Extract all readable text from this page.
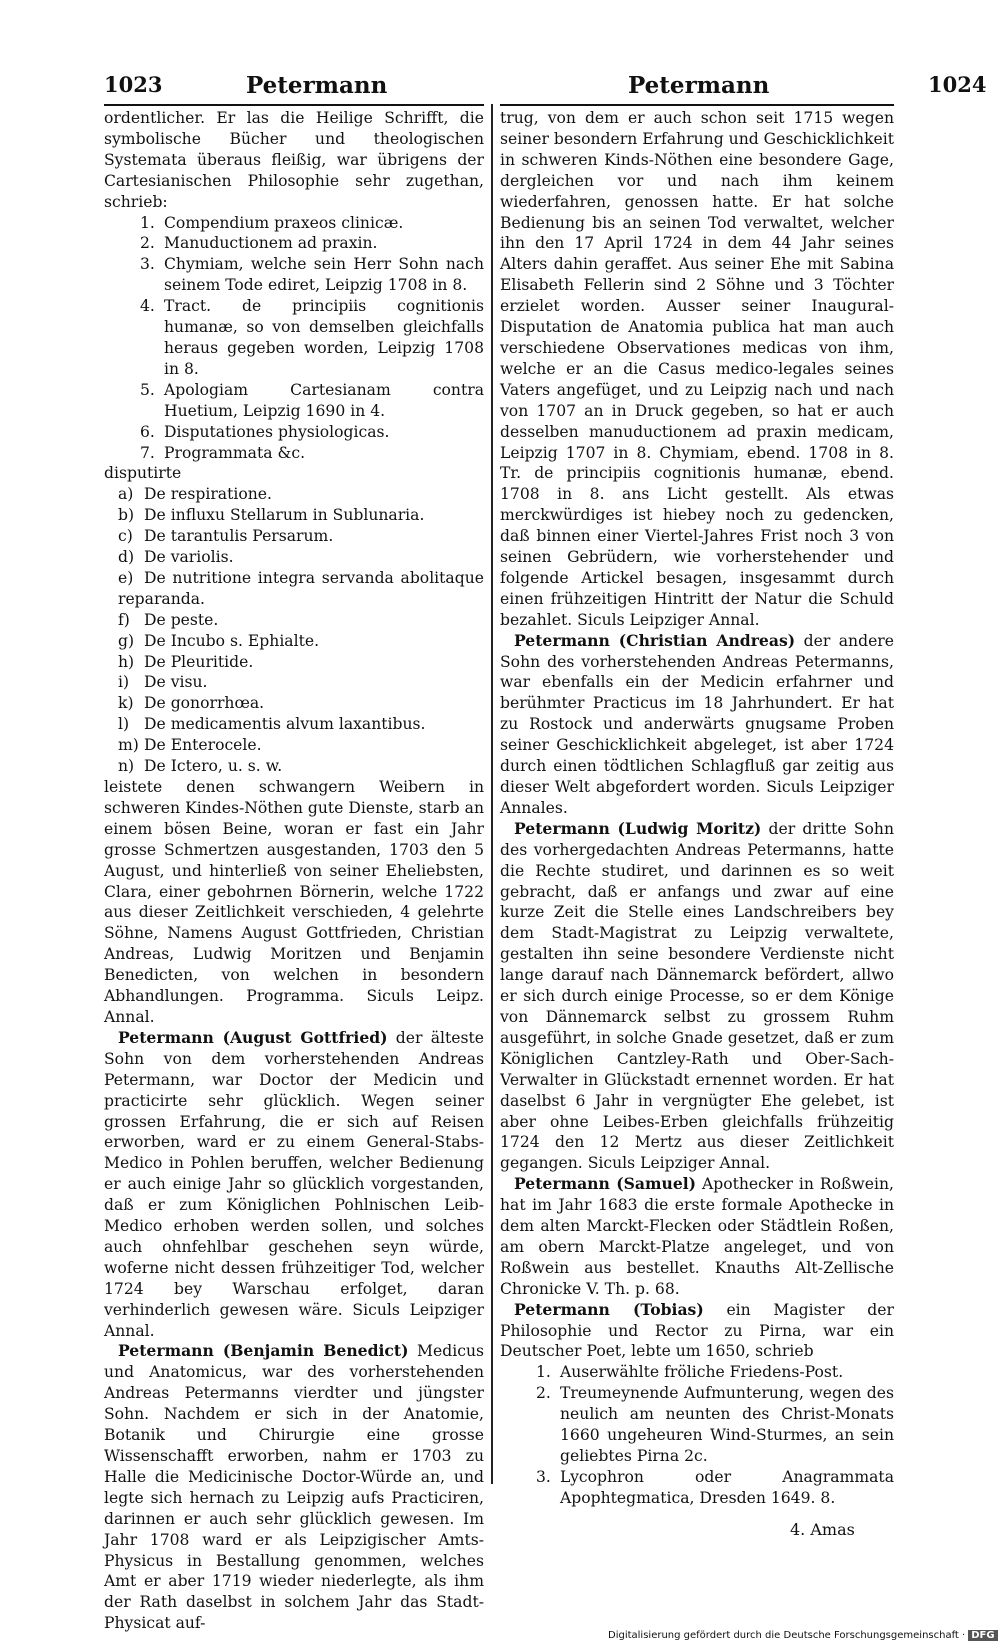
1023	Petermann	Petermann	1024

ordentlicher. Er las die Heilige Schrifft, die symbolische Bücher und theologischen Systemata überaus fleißig, war übrigens der Cartesianischen Philosophie sehr zugethan, schrieb:

1. Compendium praxeos clinicæ.
2. Manuductionem ad praxin.
3. Chymiam, welche sein Herr Sohn nach seinem Tode ediret, Leipzig 1708 in 8.
4. Tract. de principiis cognitionis humanæ, so von demselben gleichfalls heraus gegeben worden, Leipzig 1708 in 8.
5. Apologiam Cartesianam contra Huetium, Leipzig 1690 in 4.
6. Disputationes physiologicas.
7. Programmata &c.

disputirte

a) De respiratione.
b) De influxu Stellarum in Sublunaria.
c) De tarantulis Persarum.
d) De variolis.
e) De nutritione integra servanda abolitaque reparanda.
f) De peste.
g) De Incubo s. Ephialte.
h) De Pleuritide.
i) De visu.
k) De gonorrhœa.
l) De medicamentis alvum laxantibus.
m) De Enterocele.
n) De Ictero, u. s. w.

leistete denen schwangern Weibern in schweren Kindes-Nöthen gute Dienste, starb an einem bösen Beine, woran er fast ein Jahr grosse Schmertzen ausgestanden, 1703 den 5 August, und hinterließ von seiner Eheliebsten, Clara, einer gebohrnen Börnerin, welche 1722 aus dieser Zeitlichkeit verschieden, 4 gelehrte Söhne, Namens August Gottfrieden, Christian Andreas, Ludwig Moritzen und Benjamin Benedicten, von welchen in besondern Abhandlungen. Programma. Siculs Leipz. Annal.

Petermann (August Gottfried) der älteste Sohn von dem vorherstehenden Andreas Petermann, war Doctor der Medicin und practicirte sehr glücklich. Wegen seiner grossen Erfahrung, die er sich auf Reisen erworben, ward er zu einem General-Stabs-Medico in Pohlen beruffen, welcher Bedienung er auch einige Jahr so glücklich vorgestanden, daß er zum Königlichen Pohlnischen Leib-Medico erhoben werden sollen, und solches auch ohnfehlbar geschehen seyn würde, woferne nicht dessen frühzeitiger Tod, welcher 1724 bey Warschau erfolget, daran verhinderlich gewesen wäre. Siculs Leipziger Annal.

Petermann (Benjamin Benedict) Medicus und Anatomicus, war des vorherstehenden Andreas Petermanns vierdter und jüngster Sohn. Nachdem er sich in der Anatomie, Botanik und Chirurgie eine grosse Wissenschafft erworben, nahm er 1703 zu Halle die Medicinische Doctor-Würde an, und legte sich hernach zu Leipzig aufs Practiciren, darinnen er auch sehr glücklich gewesen. Im Jahr 1708 ward er als Leipzigischer Amts-Physicus in Bestallung genommen, welches Amt er aber 1719 wieder niederlegte, als ihm der Rath daselbst in solchem Jahr das Stadt-Physicat auf-

trug, von dem er auch schon seit 1715 wegen seiner besondern Erfahrung und Geschicklichkeit in schweren Kinds-Nöthen eine besondere Gage, dergleichen vor und nach ihm keinem wiederfahren, genossen hatte. Er hat solche Bedienung bis an seinen Tod verwaltet, welcher ihn den 17 April 1724 in dem 44 Jahr seines Alters dahin geraffet. Aus seiner Ehe mit Sabina Elisabeth Fellerin sind 2 Söhne und 3 Töchter erzielet worden. Ausser seiner Inaugural-Disputation de Anatomia publica hat man auch verschiedene Observationes medicas von ihm, welche er an die Casus medico-legales seines Vaters angefüget, und zu Leipzig nach und nach von 1707 an in Druck gegeben, so hat er auch desselben manuductionem ad praxin medicam, Leipzig 1707 in 8. Chymiam, ebend. 1708 in 8. Tr. de principiis cognitionis humanæ, ebend. 1708 in 8. ans Licht gestellt. Als etwas merckwürdiges ist hiebey noch zu gedencken, daß binnen einer Viertel-Jahres Frist noch 3 von seinen Gebrüdern, wie vorherstehender und folgende Artickel besagen, insgesammt durch einen frühzeitigen Hintritt der Natur die Schuld bezahlet. Siculs Leipziger Annal.

Petermann (Christian Andreas) der andere Sohn des vorherstehenden Andreas Petermanns, war ebenfalls ein der Medicin erfahrner und berühmter Practicus im 18 Jahrhundert. Er hat zu Rostock und anderwärts gnugsame Proben seiner Geschicklichkeit abgeleget, ist aber 1724 durch einen tödtlichen Schlagfluß gar zeitig aus dieser Welt abgefordert worden. Siculs Leipziger Annales.

Petermann (Ludwig Moritz) der dritte Sohn des vorhergedachten Andreas Petermanns, hatte die Rechte studiret, und darinnen es so weit gebracht, daß er anfangs und zwar auf eine kurze Zeit die Stelle eines Landschreibers bey dem Stadt-Magistrat zu Leipzig verwaltete, gestalten ihn seine besondere Verdienste nicht lange darauf nach Dännemarck befördert, allwo er sich durch einige Processe, so er dem Könige von Dännemarck selbst zu grossem Ruhm ausgeführt, in solche Gnade gesetzet, daß er zum Königlichen Cantzley-Rath und Ober-Sach-Verwalter in Glückstadt ernennet worden. Er hat daselbst 6 Jahr in vergnügter Ehe gelebet, ist aber ohne Leibes-Erben gleichfalls frühzeitig 1724 den 12 Mertz aus dieser Zeitlichkeit gegangen. Siculs Leipziger Annal.

Petermann (Samuel) Apothecker in Roßwein, hat im Jahr 1683 die erste formale Apothecke in dem alten Marckt-Flecken oder Städtlein Roßen, am obern Marckt-Platze angeleget, und von Roßwein aus bestellet. Knauths Alt-Zellische Chronicke V. Th. p. 68.

Petermann (Tobias) ein Magister der Philosophie und Rector zu Pirna, war ein Deutscher Poet, lebte um 1650, schrieb

1. Auserwählte fröliche Friedens-Post.
2. Treumeynende Aufmunterung, wegen des neulich am neunten des Christ-Monats 1660 ungeheuren Wind-Sturmes, an sein geliebtes Pirna 2c.
3. Lycophron oder Anagrammata Apophtegmatica, Dresden 1649. 8.
4. Amas
Digitalisierung gefördert durch die Deutsche Forschungsgemeinschaft · DFG
